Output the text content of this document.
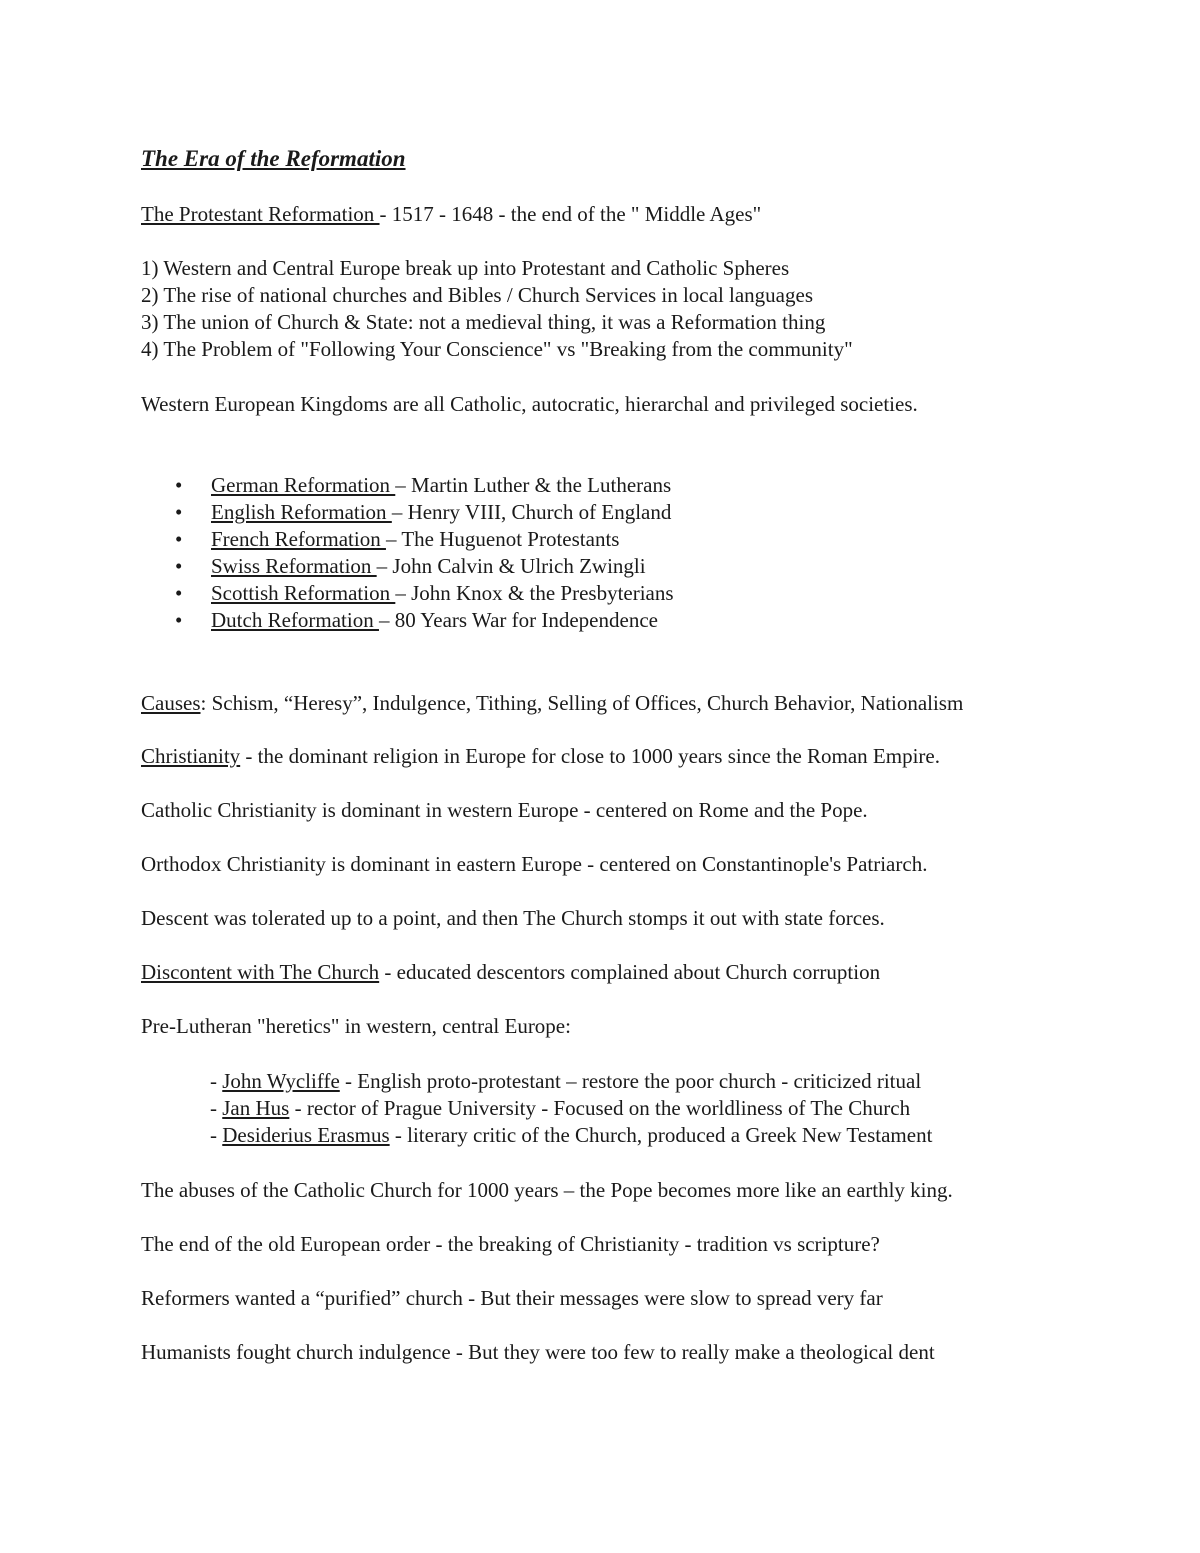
The Era of the Reformation
The Protestant Reformation - 1517 - 1648 - the end of the " Middle Ages"
1) Western and Central Europe break up into Protestant and Catholic Spheres
2) The rise of national churches and Bibles / Church Services in local languages
3) The union of Church & State: not a medieval thing, it was a Reformation thing
4) The Problem of "Following Your Conscience" vs "Breaking from the community"
Western European Kingdoms are all Catholic, autocratic, hierarchal and privileged societies.
• German Reformation – Martin Luther & the Lutherans
• English Reformation – Henry VIII, Church of England
• French Reformation – The Huguenot Protestants
• Swiss Reformation – John Calvin & Ulrich Zwingli
• Scottish Reformation – John Knox & the Presbyterians
• Dutch Reformation – 80 Years War for Independence
Causes: Schism, “Heresy”, Indulgence, Tithing, Selling of Offices, Church Behavior, Nationalism
Christianity - the dominant religion in Europe for close to 1000 years since the Roman Empire.
Catholic Christianity is dominant in western Europe - centered on Rome and the Pope.
Orthodox Christianity is dominant in eastern Europe - centered on Constantinople's Patriarch.
Descent was tolerated up to a point, and then The Church stomps it out with state forces.
Discontent with The Church - educated descentors complained about Church corruption
Pre-Lutheran "heretics" in western, central Europe:
- John Wycliffe - English proto-protestant – restore the poor church - criticized ritual
- Jan Hus - rector of Prague University - Focused on the worldliness of The Church
- Desiderius Erasmus - literary critic of the Church, produced a Greek New Testament
The abuses of the Catholic Church for 1000 years – the Pope becomes more like an earthly king.
The end of the old European order - the breaking of Christianity - tradition vs scripture?
Reformers wanted a “purified” church - But their messages were slow to spread very far
Humanists fought church indulgence - But they were too few to really make a theological dent
